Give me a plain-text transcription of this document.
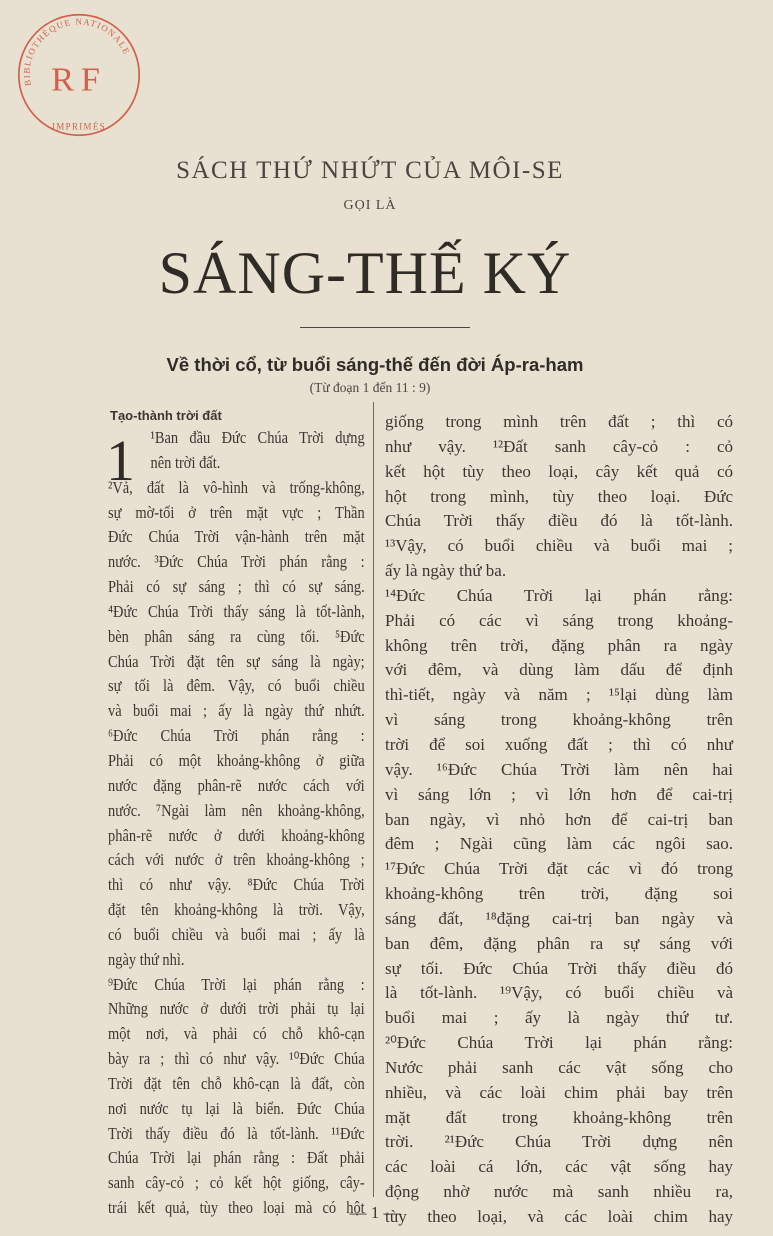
SÁCH THỨ NHỨT CỦA MÔI-SE
GỌI LÀ
SÁNG-THẾ KÝ
Về thời cổ, từ buổi sáng-thế đến đời Áp-ra-ham
(Từ đoạn 1 đến 11 : 9)
Tạo-thành trời đất
1 ¹Ban đầu Đức Chúa Trời dựng
nên trời đất.
²Vả, đất là vô-hình và trống-không,
sự mờ-tối ở trên mặt vực ; Thần
Đức Chúa Trời vận-hành trên mặt
nước. ³Đức Chúa Trời phán rằng :
Phải có sự sáng ; thì có sự sáng.
⁴Đức Chúa Trời thấy sáng là tốt-lành,
bèn phân sáng ra cùng tối. ⁵Đức
Chúa Trời đặt tên sự sáng là ngày;
sự tối là đêm. Vậy, có buổi chiều
và buổi mai ; ấy là ngày thứ nhứt.
⁶Đức Chúa Trời phán rằng :
Phải có một khoảng-không ở giữa
nước đặng phân-rẽ nước cách với
nước. ⁷Ngài làm nên khoảng-không,
phân-rẽ nước ở dưới khoảng-không
cách với nước ở trên khoảng-không ;
thì có như vậy. ⁸Đức Chúa Trời
đặt tên khoảng-không là trời. Vậy,
có buổi chiều và buổi mai ; ấy là
ngày thứ nhì.
⁹Đức Chúa Trời lại phán rằng :
Những nước ở dưới trời phải tụ lại
một nơi, và phải có chỗ khô-cạn
bày ra ; thì có như vậy. ¹⁰Đức Chúa
Trời đặt tên chỗ khô-cạn là đất, còn
nơi nước tụ lại là biển. Đức Chúa
Trời thấy điều đó là tốt-lành. ¹¹Đức
Chúa Trời lại phán rằng : Đất phải
sanh cây-cỏ ; cỏ kết hột giống, cây-
trái kết quả, tùy theo loại mà có hột
giống trong mình trên đất ; thì có
như vậy. ¹²Đất sanh cây-cỏ : cỏ
kết hột tùy theo loại, cây kết quả có
hột trong mình, tùy theo loại. Đức
Chúa Trời thấy điều đó là tốt-lành.
¹³Vậy, có buổi chiều và buổi mai ;
ấy là ngày thứ ba.
¹⁴Đức Chúa Trời lại phán rằng:
Phải có các vì sáng trong khoảng-
không trên trời, đặng phân ra ngày
với đêm, và dùng làm dấu để định
thì-tiết, ngày và năm ; ¹⁵lại dùng làm
vì sáng trong khoảng-không trên
trời để soi xuống đất ; thì có như
vậy. ¹⁶Đức Chúa Trời làm nên hai
vì sáng lớn ; vì lớn hơn để cai-trị
ban ngày, vì nhỏ hơn để cai-trị ban
đêm ; Ngài cũng làm các ngôi sao.
¹⁷Đức Chúa Trời đặt các vì đó trong
khoảng-không trên trời, đặng soi
sáng đất, ¹⁸đặng cai-trị ban ngày và
ban đêm, đặng phân ra sự sáng với
sự tối. Đức Chúa Trời thấy điều đó
là tốt-lành. ¹⁹Vậy, có buổi chiều và
buổi mai ; ấy là ngày thứ tư.
²⁰Đức Chúa Trời lại phán rằng:
Nước phải sanh các vật sống cho
nhiều, và các loài chim phải bay trên
mặt đất trong khoảng-không trên
trời. ²¹Đức Chúa Trời dựng nên
các loài cá lớn, các vật sống hay
động nhờ nước mà sanh nhiều ra,
tùy theo loại, và các loài chim hay
— 1 —
BIBLIOTHÈQUE NATIONALE
IMPRIMÉS
RF
